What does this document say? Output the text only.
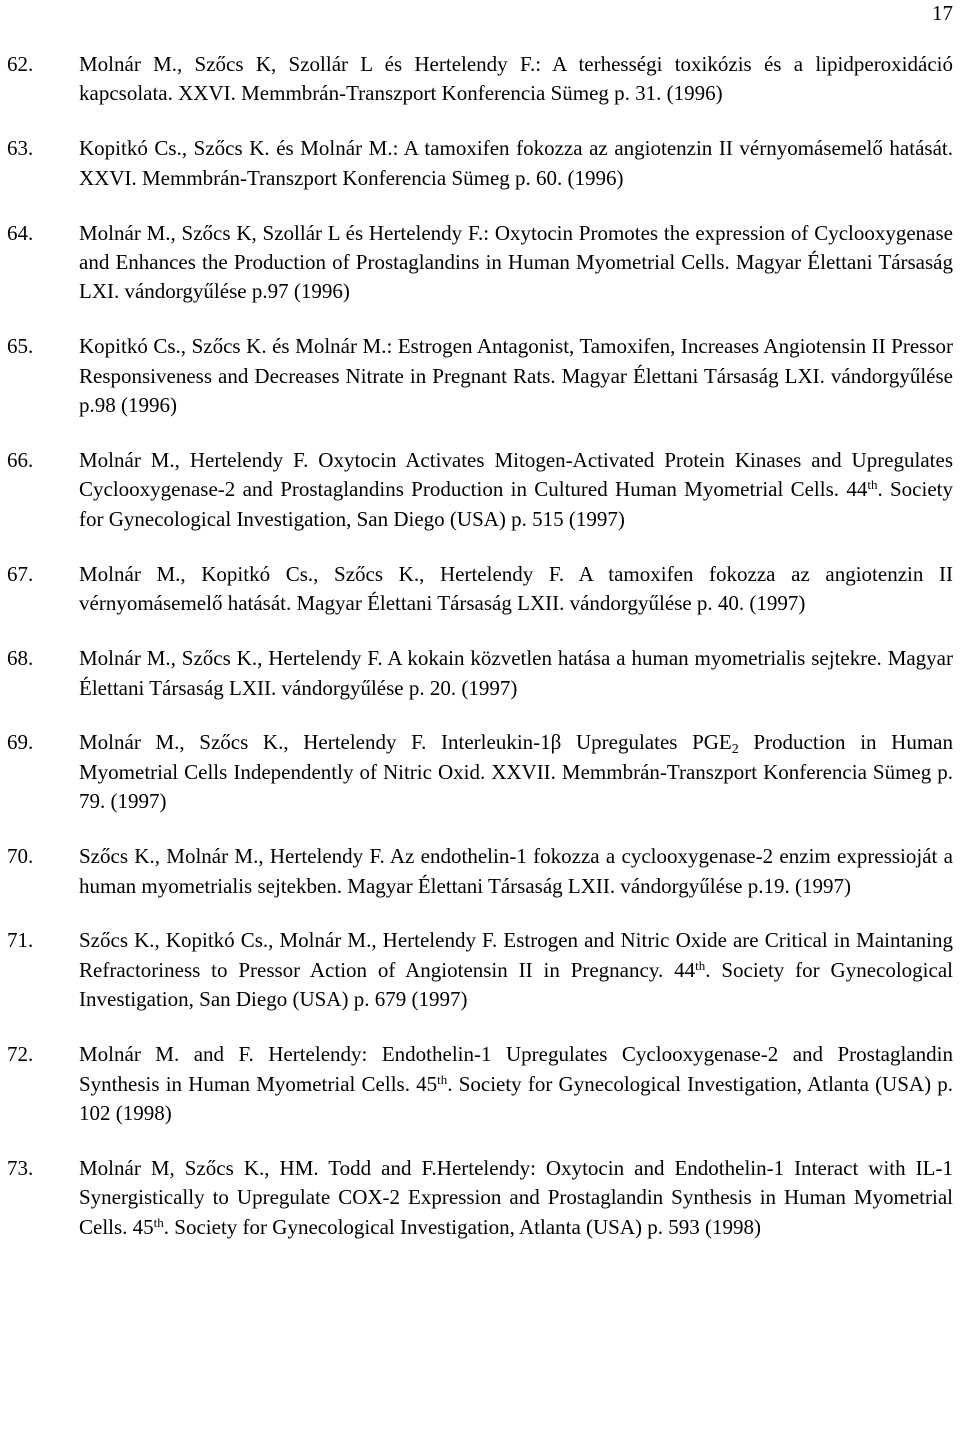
17
62.	Molnár M., Szőcs K, Szollár L és Hertelendy F.: A terhességi toxikózis és a lipidperoxidáció kapcsolata. XXVI. Memmbrán-Transzport Konferencia Sümeg p. 31. (1996)
63.	Kopitkó Cs., Szőcs K. és Molnár M.: A tamoxifen fokozza az angiotenzin II vérnyomásemelő hatását. XXVI. Memmbrán-Transzport Konferencia Sümeg p. 60. (1996)
64.	Molnár M., Szőcs K, Szollár L és Hertelendy F.: Oxytocin Promotes the expression of Cyclooxygenase and Enhances the Production of Prostaglandins in Human Myometrial Cells. Magyar Élettani Társaság LXI. vándorgyűlése p.97 (1996)
65.	Kopitkó Cs., Szőcs K. és Molnár M.: Estrogen Antagonist, Tamoxifen, Increases Angiotensin II Pressor Responsiveness and Decreases Nitrate in Pregnant Rats. Magyar Élettani Társaság LXI. vándorgyűlése p.98 (1996)
66.	Molnár M., Hertelendy F. Oxytocin Activates Mitogen-Activated Protein Kinases and Upregulates Cyclooxygenase-2 and Prostaglandins Production in Cultured Human Myometrial Cells. 44th. Society for Gynecological Investigation, San Diego (USA) p. 515 (1997)
67.	Molnár M., Kopitkó Cs., Szőcs K., Hertelendy F. A tamoxifen fokozza az angiotenzin II vérnyomásemelő hatását. Magyar Élettani Társaság LXII. vándorgyűlése p. 40. (1997)
68.	Molnár M., Szőcs K., Hertelendy F. A kokain közvetlen hatása a human myometrialis sejtekre. Magyar Élettani Társaság LXII. vándorgyűlése p. 20. (1997)
69.	Molnár M., Szőcs K., Hertelendy F. Interleukin-1β Upregulates $PGE_2$ Production in Human Myometrial Cells Independently of Nitric Oxid. XXVII. Memmbrán-Transzport Konferencia Sümeg p. 79. (1997)
70.	Szőcs K., Molnár M., Hertelendy F. Az endothelin-1 fokozza a cyclooxygenase-2 enzim expressioját a human myometrialis sejtekben. Magyar Élettani Társaság LXII. vándorgyűlése p.19. (1997)
71.	Szőcs K., Kopitkó Cs., Molnár M., Hertelendy F. Estrogen and Nitric Oxide are Critical in Maintaning Refractoriness to Pressor Action of Angiotensin II in Pregnancy. 44th. Society for Gynecological Investigation, San Diego (USA) p. 679 (1997)
72.	Molnár M. and F. Hertelendy: Endothelin-1 Upregulates Cyclooxygenase-2 and Prostaglandin Synthesis in Human Myometrial Cells. 45th. Society for Gynecological Investigation, Atlanta (USA) p. 102 (1998)
73.	Molnár M, Szőcs K., HM. Todd and F.Hertelendy: Oxytocin and Endothelin-1 Interact with IL-1 Synergistically to Upregulate COX-2 Expression and Prostaglandin Synthesis in Human Myometrial Cells. 45th. Society for Gynecological Investigation, Atlanta (USA) p. 593 (1998)
